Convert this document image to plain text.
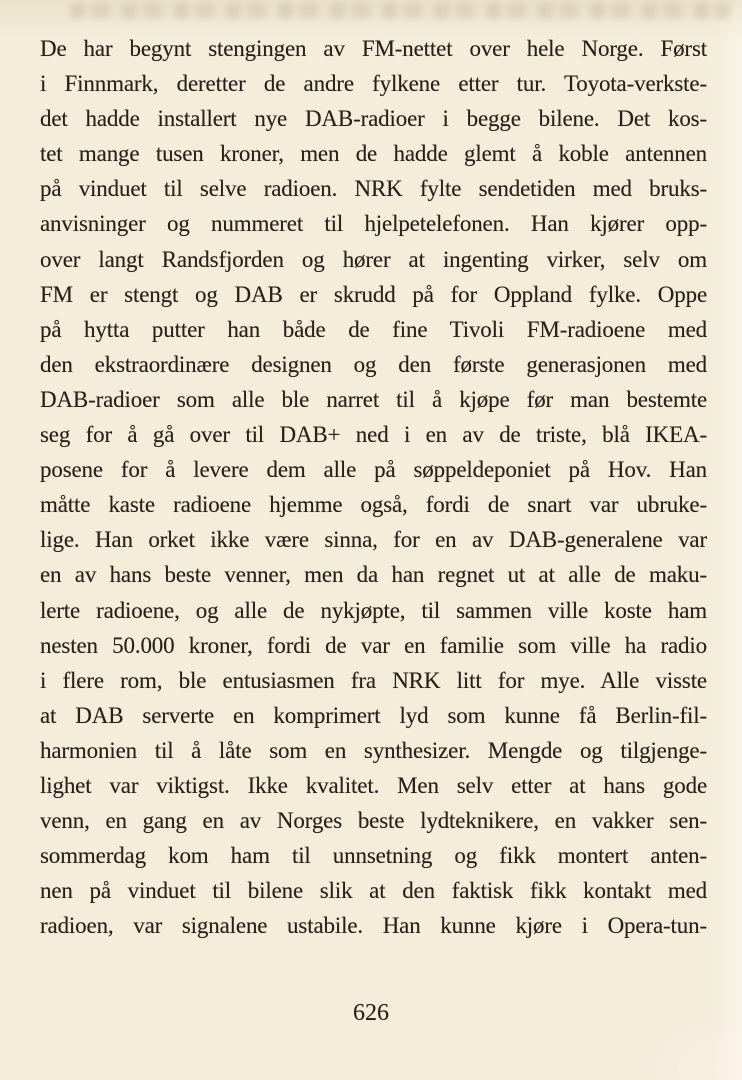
De har begynt stengingen av FM-nettet over hele Norge. Først
i Finnmark, deretter de andre fylkene etter tur. Toyota-verkste-
det hadde installert nye DAB-radioer i begge bilene. Det kos-
tet mange tusen kroner, men de hadde glemt å koble antennen
på vinduet til selve radioen. NRK fylte sendetiden med bruks-
anvisninger og nummeret til hjelpetelefonen. Han kjører opp-
over langt Randsfjorden og hører at ingenting virker, selv om
FM er stengt og DAB er skrudd på for Oppland fylke. Oppe
på hytta putter han både de fine Tivoli FM-radioene med
den ekstraordinære designen og den første generasjonen med
DAB-radioer som alle ble narret til å kjøpe før man bestemte
seg for å gå over til DAB+ ned i en av de triste, blå IKEA-
posene for å levere dem alle på søppeldeponiet på Hov. Han
måtte kaste radioene hjemme også, fordi de snart var ubruke-
lige. Han orket ikke være sinna, for en av DAB-generalene var
en av hans beste venner, men da han regnet ut at alle de maku-
lerte radioene, og alle de nykjøpte, til sammen ville koste ham
nesten 50.000 kroner, fordi de var en familie som ville ha radio
i flere rom, ble entusiasmen fra NRK litt for mye. Alle visste
at DAB serverte en komprimert lyd som kunne få Berlin-fil-
harmonien til å låte som en synthesizer. Mengde og tilgjenge-
lighet var viktigst. Ikke kvalitet. Men selv etter at hans gode
venn, en gang en av Norges beste lydteknikere, en vakker sen-
sommerdag kom ham til unnsetning og fikk montert anten-
nen på vinduet til bilene slik at den faktisk fikk kontakt med
radioen, var signalene ustabile. Han kunne kjøre i Opera-tun-
626
